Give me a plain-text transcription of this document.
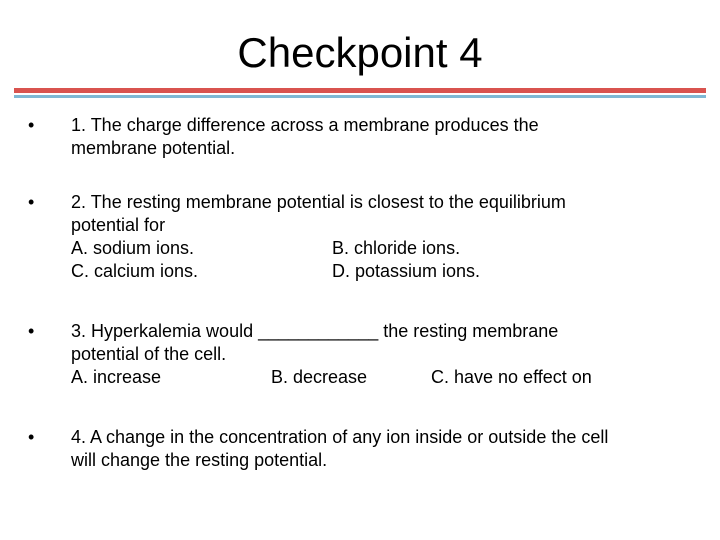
Checkpoint 4
•	1. The charge difference across a membrane produces the
membrane potential.
•	2. The resting membrane potential is closest to the equilibrium
potential for
A. sodium ions.	B. chloride ions.
C. calcium ions.	D. potassium ions.
•	3. Hyperkalemia would ____________ the resting membrane
potential of the cell.
A. increase	B. decrease	C. have no effect on
•	4. A change in the concentration of any ion inside or outside the cell
will change the resting potential.
